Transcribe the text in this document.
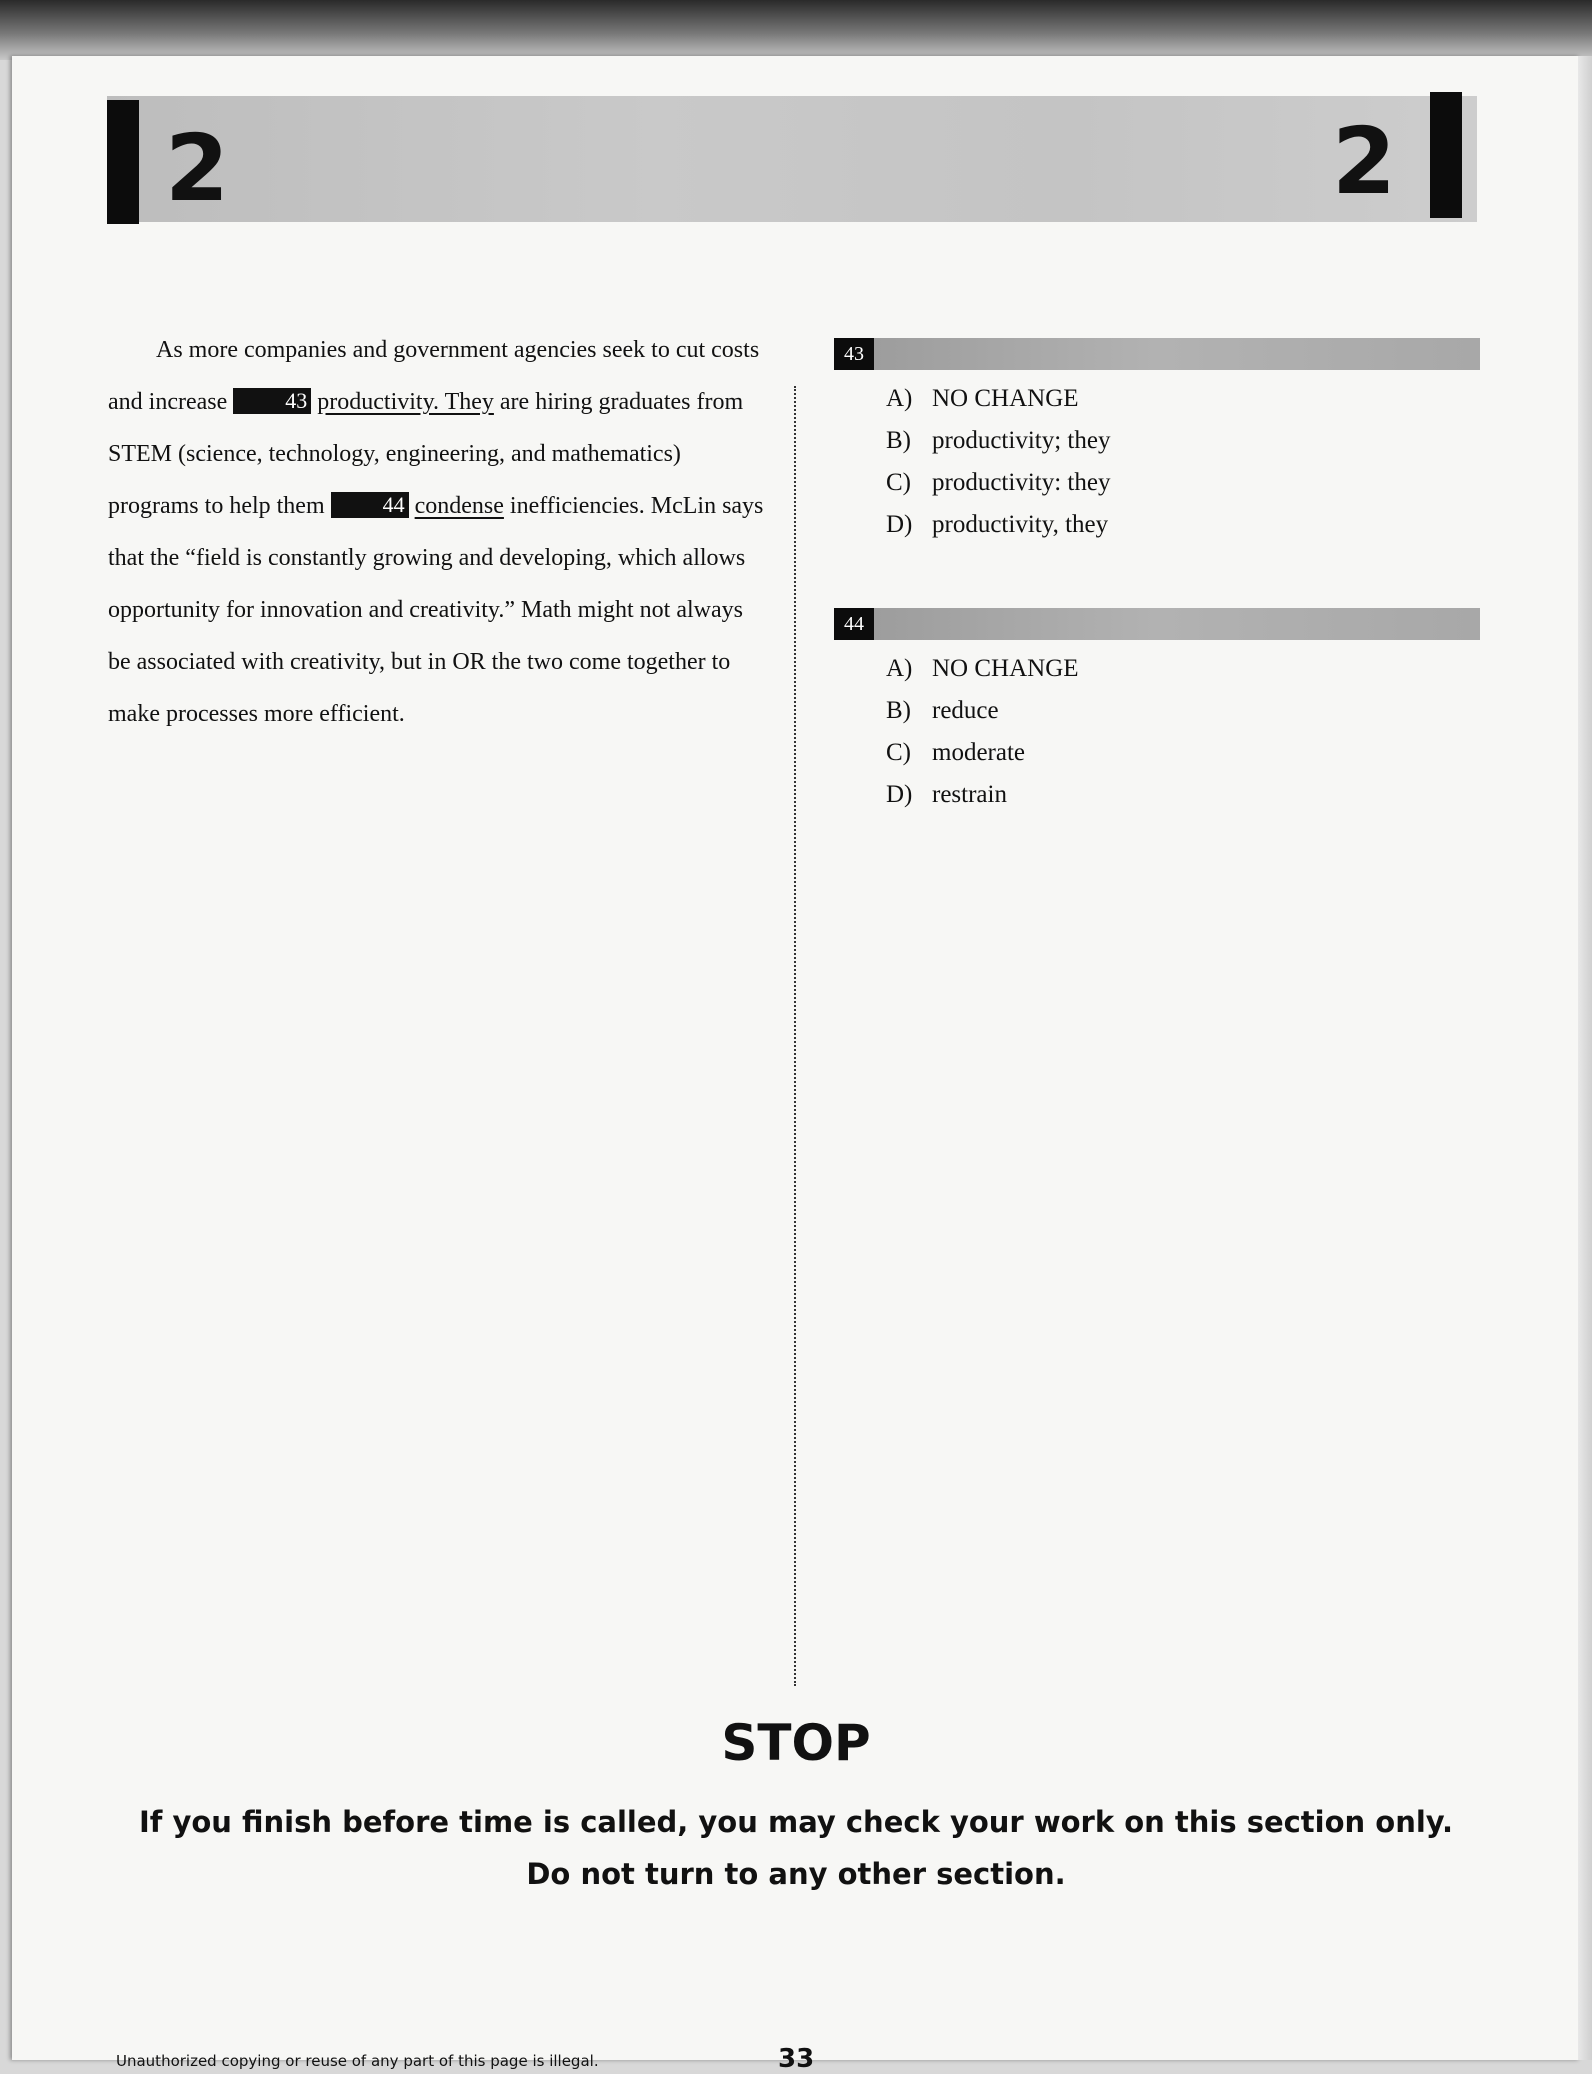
2	2

As more companies and government agencies seek to cut costs and increase 43 productivity. They are hiring graduates from STEM (science, technology, engineering, and mathematics) programs to help them 44 condense inefficiencies. McLin says that the “field is constantly growing and developing, which allows opportunity for innovation and creativity.” Math might not always be associated with creativity, but in OR the two come together to make processes more efficient.

43
A) NO CHANGE
B) productivity; they
C) productivity: they
D) productivity, they
44
A) NO CHANGE
B) reduce
C) moderate
D) restrain
STOP
If you finish before time is called, you may check your work on this section only.
Do not turn to any other section.
Unauthorized copying or reuse of any part of this page is illegal.	33
